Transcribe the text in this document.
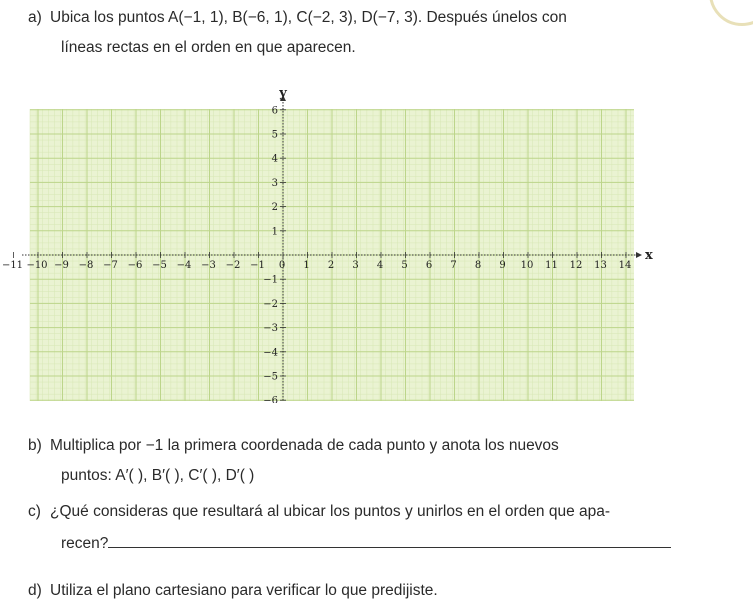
a) Ubica los puntos A(−1, 1), B(−6, 1), C(−2, 3), D(−7, 3). Después únelos con
líneas rectas en el orden en que aparecen.
x
y
−11 −10 −9 −8 −7 −6 −5 −4 −3 −2 −1 0 1 2 3 4 5 6 7 8 9 10 11 12 13 14
1
2
3
4
5
6
−1
−2
−3
−4
−5
−6
b) Multiplica por −1 la primera coordenada de cada punto y anota los nuevos
puntos: A′( ), B′( ), C′( ), D′( )
c) ¿Qué consideras que resultará al ubicar los puntos y unirlos en el orden que apa-
recen?
d) Utiliza el plano cartesiano para verificar lo que predijiste.
